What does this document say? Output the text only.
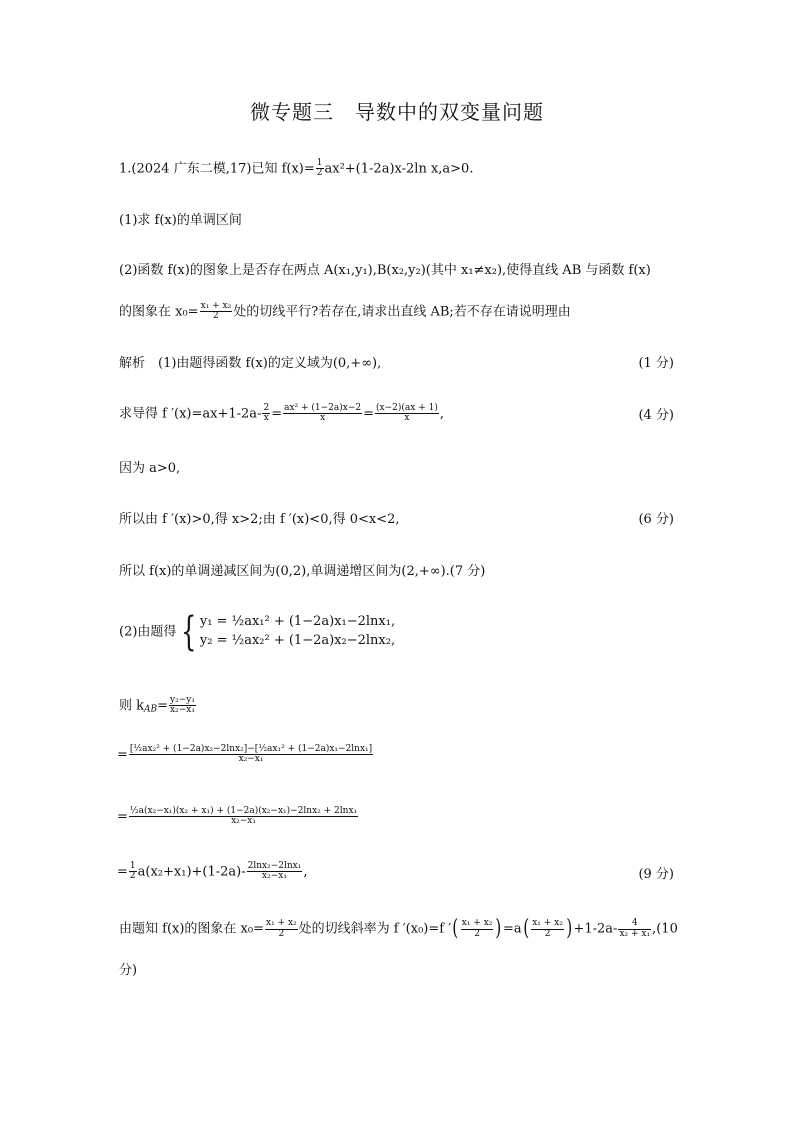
微专题三　导数中的双变量问题
1.(2024 广东二模,17)已知 $f(x)= \frac{1}{2} ax^2+(1-2a)x-2\ln$ x,a>0.
(1)求 f(x)的单调区间
(2)函数 f(x)的图象上是否存在两点 A(x₁,y₁),B(x₂,y₂)(其中 x₁≠x₂),使得直线 AB 与函数 f(x)
的图象在 $x_0= \frac{\text{x₁ + x₂}}{2}$ 处的切线平行?若存在,请求出直线 AB;若不存在请说明理由
解析　(1)由题得函数 f(x)的定义域为(0,+∞),	(1 分)
求导得 f $'(x)=ax+1-2a- \frac{2}{x} = \frac{\text{ax² + (1−2a)x−2}}{x} = \frac{(x-2)(ax + 1)}{x}$ ,	(4 分)
因为 a>0,
所以由 f ′(x)>0,得 x>2;由 f ′(x)<0,得 0<x<2,	(6 分)
所以 f(x)的单调递减区间为(0,2),单调递增区间为(2,+∞).(7 分)
(2)由题得 { y₁ = ½ax₁² + (1−2a)x₁−2lnx₁,
y₂ = ½ax₂² + (1−2a)x₂−2lnx₂,
则 $k_{AB}= \frac{\text{y₂−y₁}}{\text{x₂−x₁}}$
= $\frac{\text{[½ax₂² + (1−2a)x₂−2lnx₂]−[½ax₁² + (1−2a)x₁−2lnx₁]}}{\text{x₂−x₁}}$
= $\frac{\text{½a(x₂−x₁)(x₂ + x₁) + (1−2a)(x₂−x₁)−2lnx₂ + 2lnx₁}}{\text{x₂−x₁}}$
= $\frac{1}{2} a(x_2+x_1)+(1-2a)- \frac{\text{2lnx₂−2lnx₁}}{\text{x₂−x₁}}$ ,	(9 分)
由题知 f(x)的图象在 $x_0= \frac{\text{x₁ + x₂}}{2}$ 处的切线斜率为 f ′(x₀)=f ′( $\frac{\text{x₁ + x₂}}{2} )=a( \frac{\text{x₁ + x₂}}{2} )+1-2a- \frac{4}{\text{x₂ + x₁}} ,(10$
分)
